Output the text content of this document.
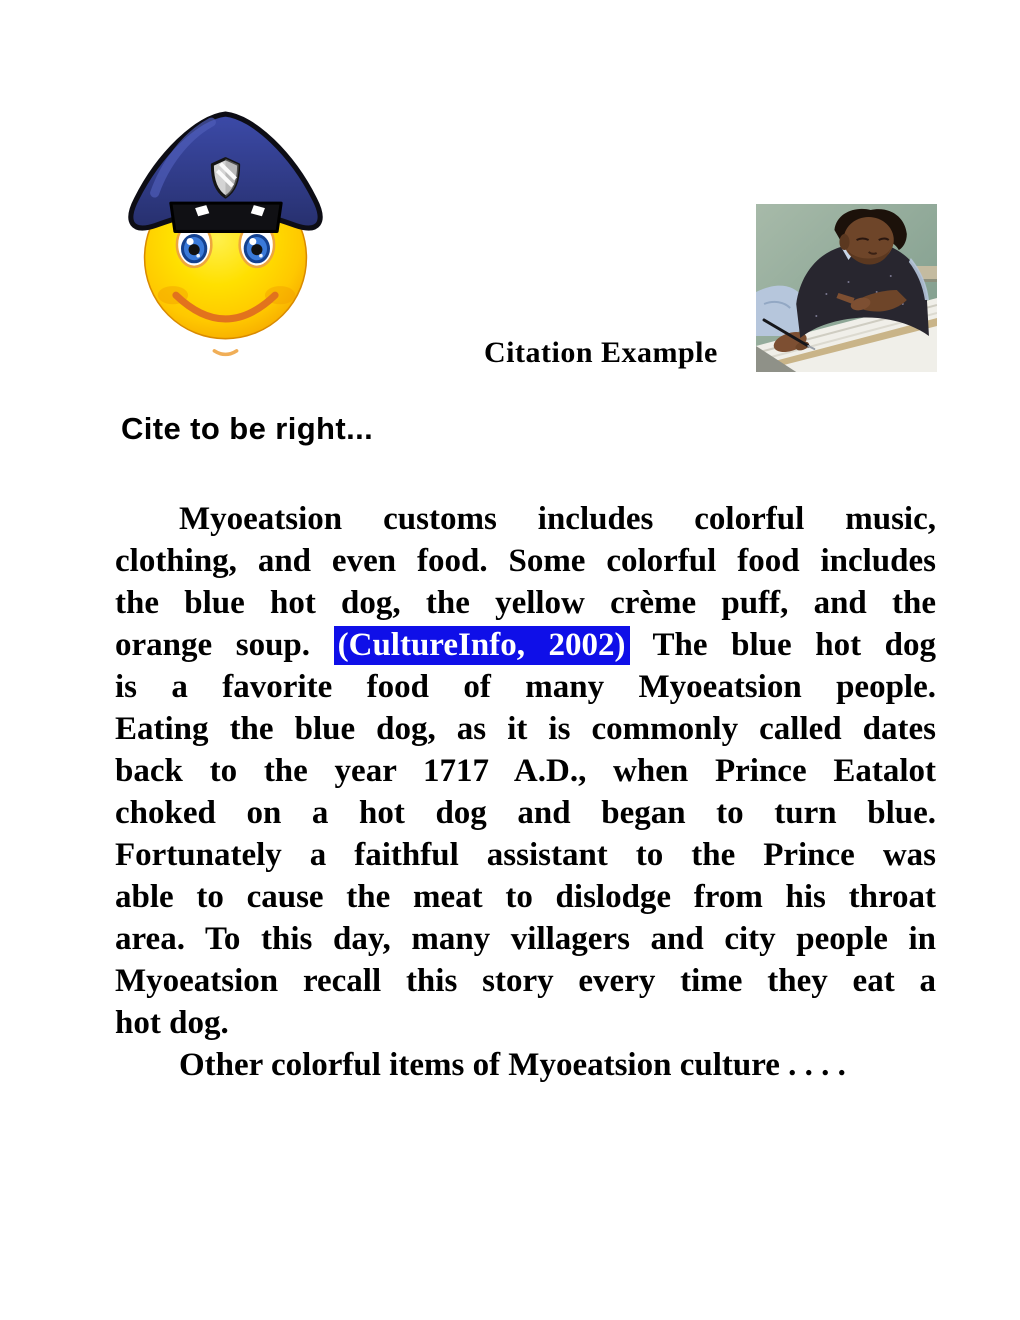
Citation Example
Cite to be right...
Myoeatsion customs includes colorful music,
clothing, and even food. Some colorful food includes
the blue hot dog, the yellow crème puff, and the
orange soup. (CultureInfo, 2002) The blue hot dog
is a favorite food of many Myoeatsion people.
Eating the blue dog, as it is commonly called dates
back to the year 1717 A.D., when Prince Eatalot
choked on a hot dog and began to turn blue.
Fortunately a faithful assistant to the Prince was
able to cause the meat to dislodge from his throat
area. To this day, many villagers and city people in
Myoeatsion recall this story every time they eat a
hot dog.
Other colorful items of Myoeatsion culture . . . .
